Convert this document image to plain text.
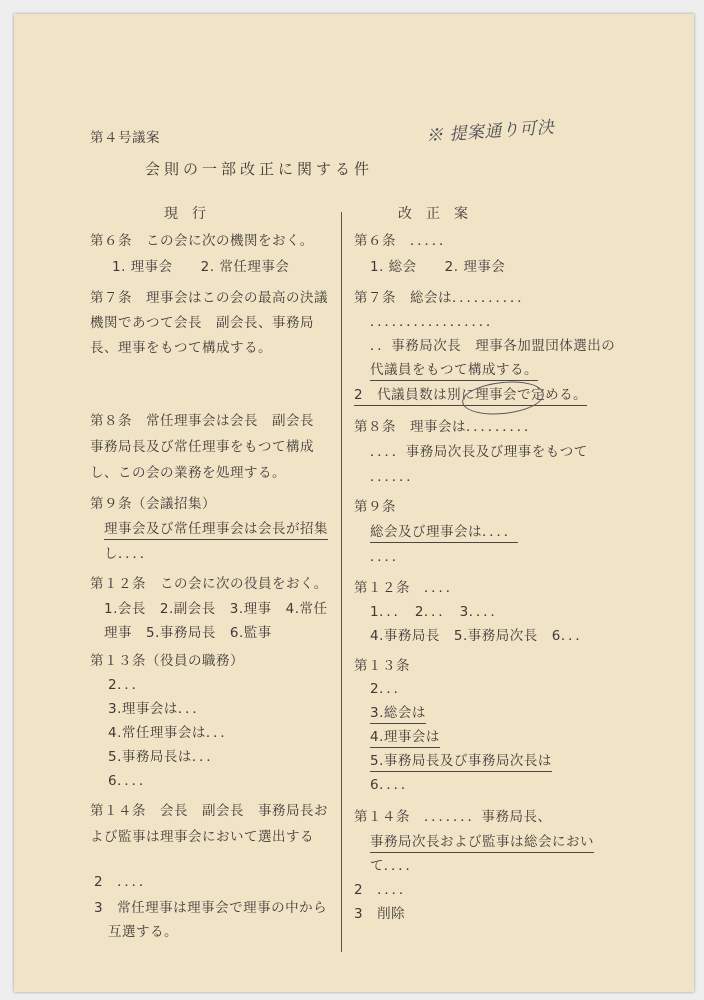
第４号議案
会則の一部改正に関する件
※ 提案通り可決
現行	改正案
第６条　この会に次の機関をおく。
1. 理事会　　2. 常任理事会
第７条　理事会はこの会の最高の決議
機関であつて会長　副会長、事務局
長、理事をもつて構成する。
第８条　常任理事会は会長　副会長
事務局長及び常任理事をもつて構成
し、この会の業務を処理する。
第９条（会議招集）
理事会及び常任理事会は会長が招集
し．．．．
第１２条　この会に次の役員をおく。
1.会長　2.副会長　3.理事　4.常任
理事　5.事務局長　6.監事
第１３条（役員の職務）
2．．．
3.理事会は．．．
4.常任理事会は．．．
5.事務局長は．．．
6．．．．
第１４条　会長　副会長　事務局長お
よび監事は理事会において選出する
2　．．．．
3　常任理事は理事会で理事の中から
互選する。
第６条　．．．．．
1. 総会　　2. 理事会
第７条　総会は．．．．．．．．．．
．．．．．．．．．．．．．．．．．
．．事務局次長　理事各加盟団体選出の
代議員をもつて構成する。
2　代議員数は別に理事会で定める。
第８条　理事会は．．．．．．．．．
．．．．事務局次長及び理事をもつて
．．．．．．
第９条
総会及び理事会は．．．．
．．．．
第１２条　．．．．
1．．．　2．．．　3．．．．
4.事務局長　5.事務局次長　6．．．
第１３条
2．．．
3.総会は
4.理事会は
5.事務局長及び事務局次長は
6．．．．
第１４条　．．．．．．．事務局長、
事務局次長および監事は総会におい
て．．．．
2　．．．．
3　削除
